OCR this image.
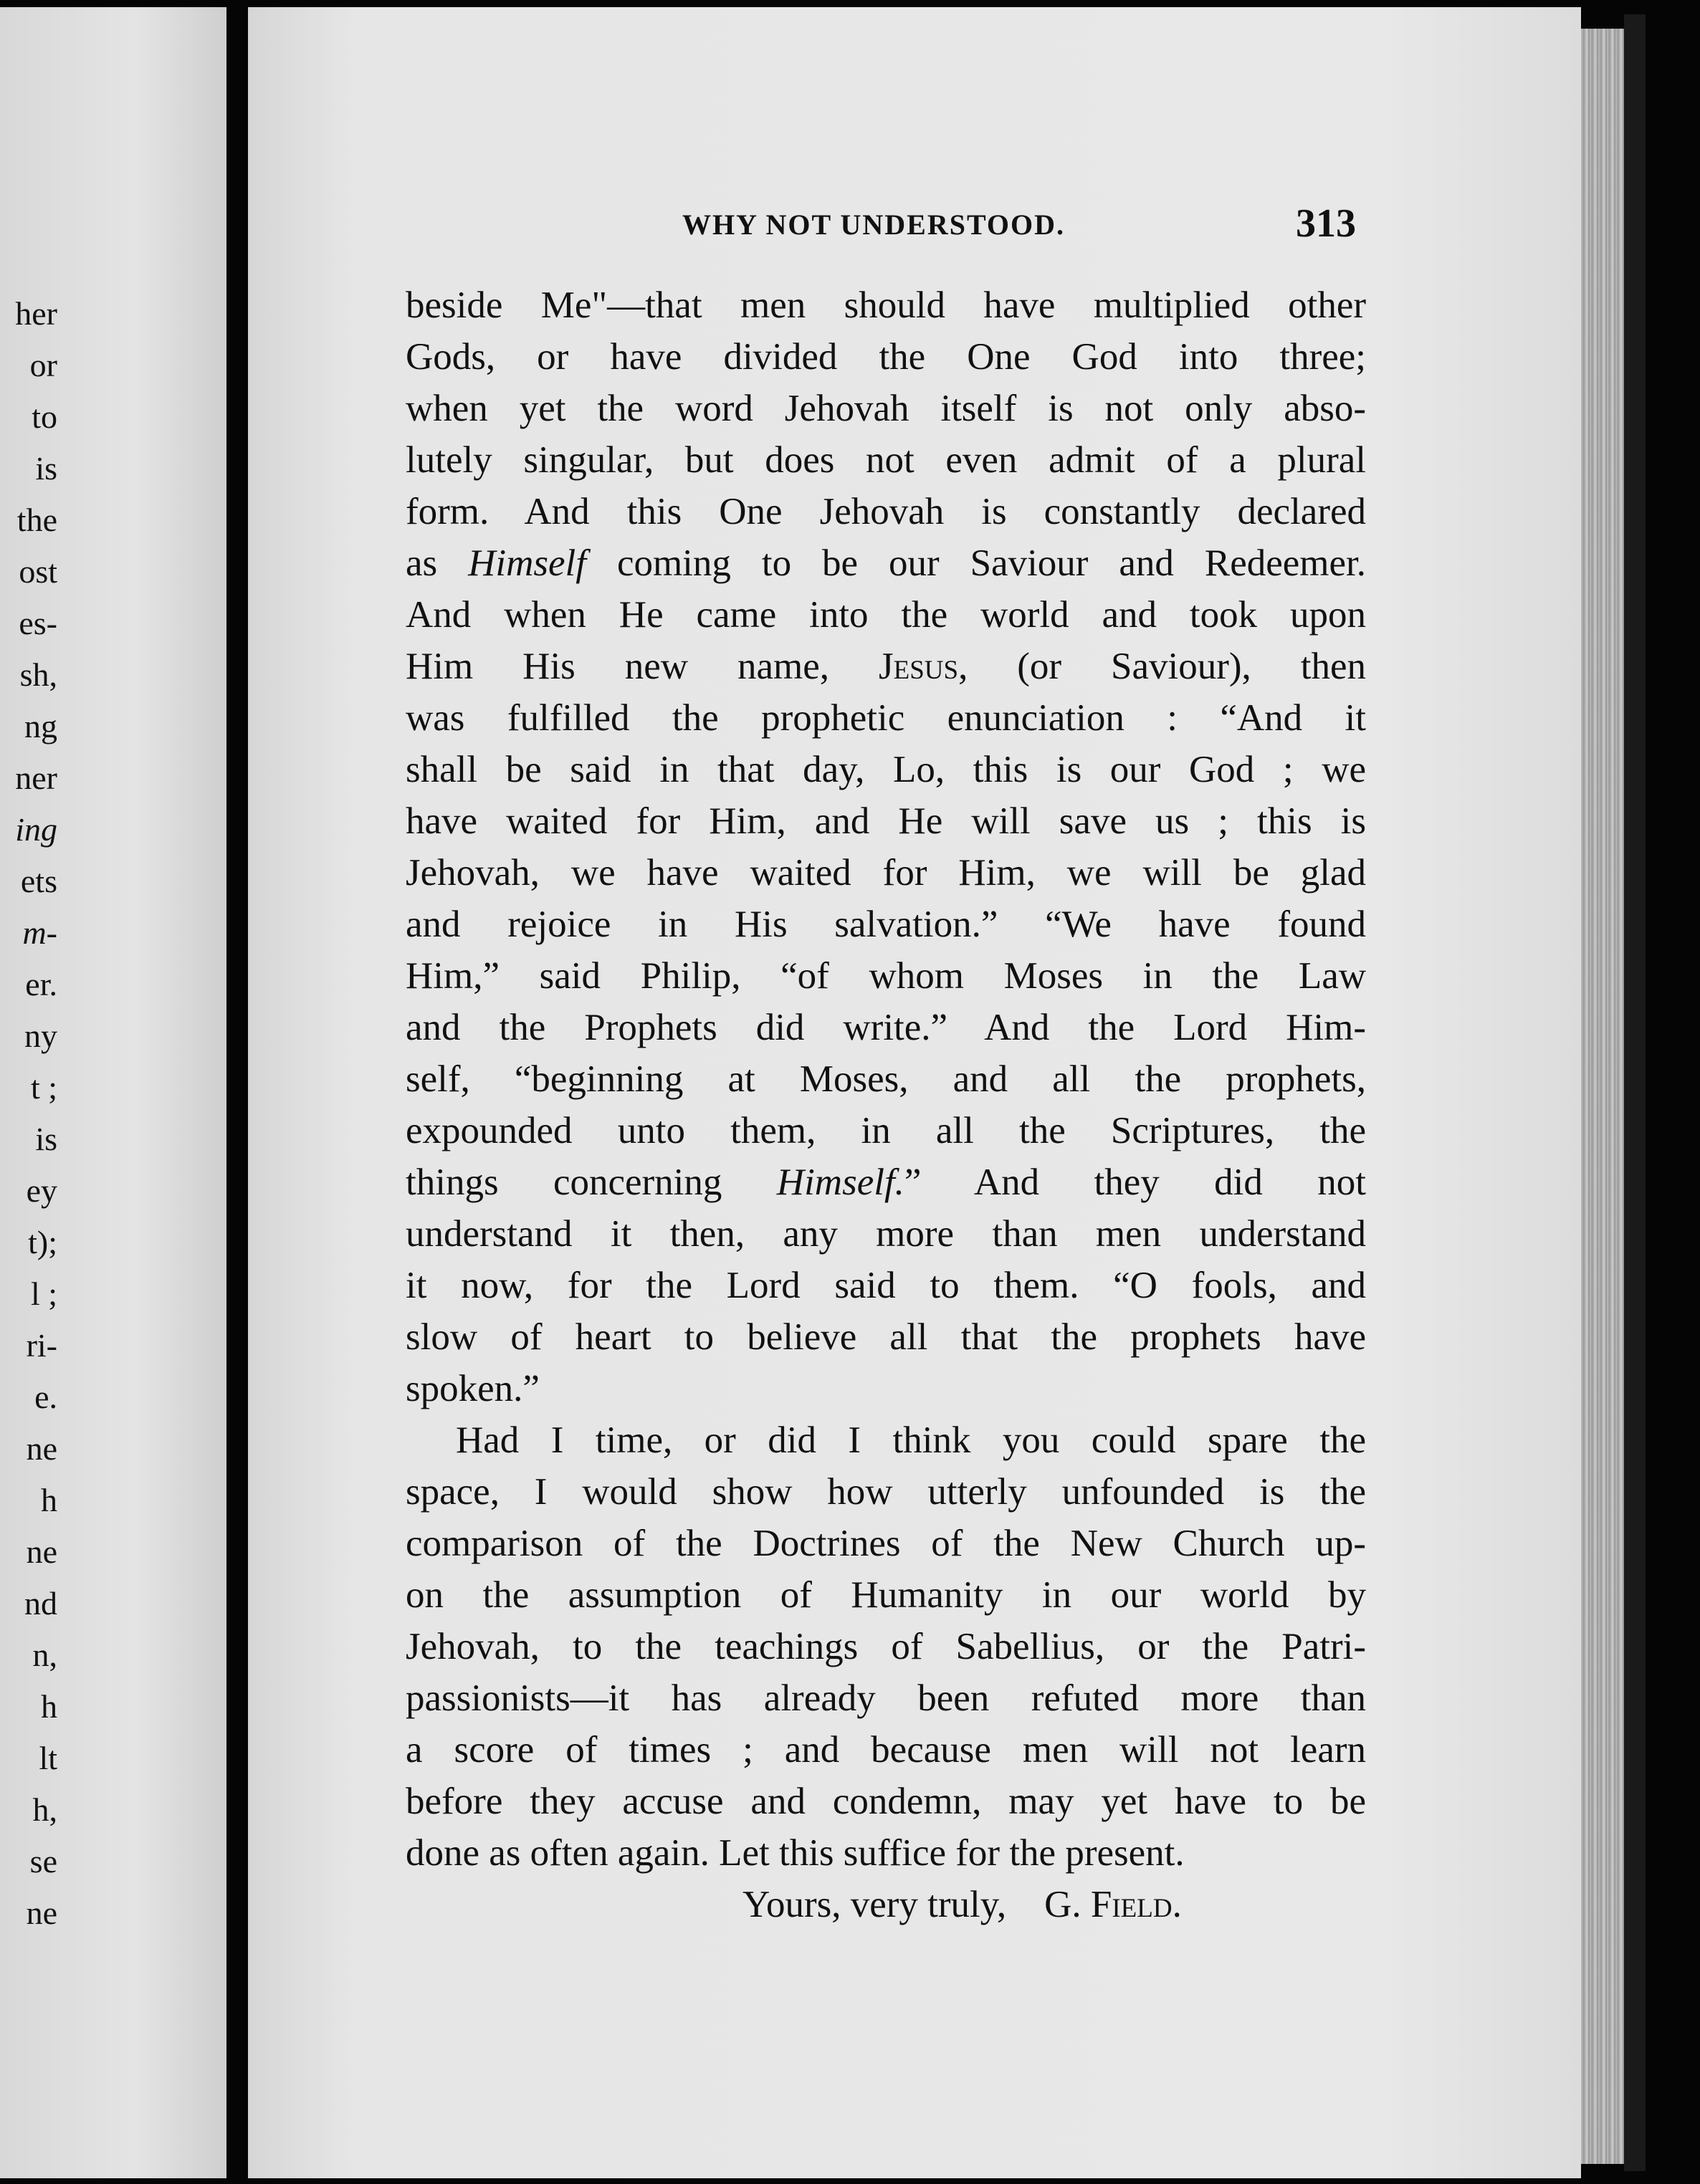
her
or
to
is
the
ost
es-
sh,
ng
ner
ing
ets
m-
er.
ny
t ;
is
ey
t);
l ;
ri-
e.
ne
h
ne
nd
n,
h
lt
h,
se
ne
WHY NOT UNDERSTOOD.	313
beside Me"—that men should have multiplied other
Gods, or have divided the One God into three;
when yet the word Jehovah itself is not only abso-
lutely singular, but does not even admit of a plural
form. And this One Jehovah is constantly declared
as Himself coming to be our Saviour and Redeemer.
And when He came into the world and took upon
Him His new name, Jesus, (or Saviour), then
was fulfilled the prophetic enunciation : “And it
shall be said in that day, Lo, this is our God ; we
have waited for Him, and He will save us ; this is
Jehovah, we have waited for Him, we will be glad
and rejoice in His salvation.” “We have found
Him,” said Philip, “of whom Moses in the Law
and the Prophets did write.” And the Lord Him-
self, “beginning at Moses, and all the prophets,
expounded unto them, in all the Scriptures, the
things concerning Himself.” And they did not
understand it then, any more than men understand
it now, for the Lord said to them. “O fools, and
slow of heart to believe all that the prophets have
spoken.”
Had I time, or did I think you could spare the
space, I would show how utterly unfounded is the
comparison of the Doctrines of the New Church up-
on the assumption of Humanity in our world by
Jehovah, to the teachings of Sabellius, or the Patri-
passionists—it has already been refuted more than
a score of times ; and because men will not learn
before they accuse and condemn, may yet have to be
done as often again. Let this suffice for the present.
Yours, very truly, G. Field.
